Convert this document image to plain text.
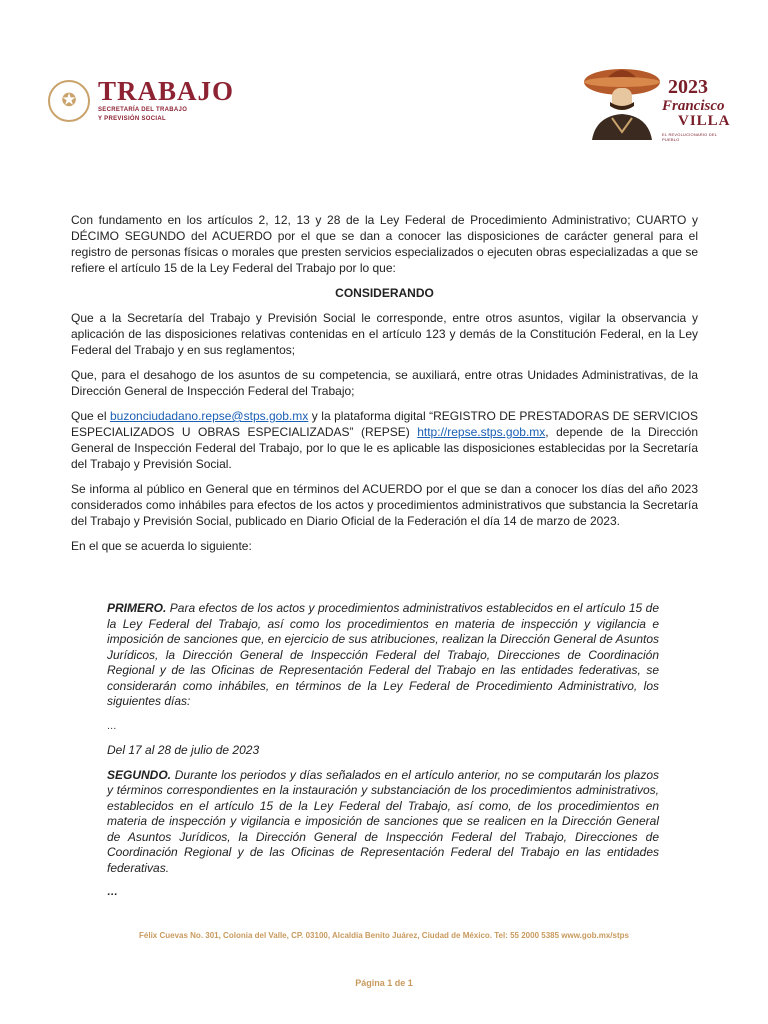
✪ TRABAJO
SECRETARÍA DEL TRABAJO
Y PREVISIÓN SOCIAL
2023
Francisco
VILLA
EL REVOLUCIONARIO DEL PUEBLO

Con fundamento en los artículos 2, 12, 13 y 28 de la Ley Federal de Procedimiento Administrativo; CUARTO y DÉCIMO SEGUNDO del ACUERDO por el que se dan a conocer las disposiciones de carácter general para el registro de personas físicas o morales que presten servicios especializados o ejecuten obras especializadas a que se refiere el artículo 15 de la Ley Federal del Trabajo por lo que:

CONSIDERANDO

Que a la Secretaría del Trabajo y Previsión Social le corresponde, entre otros asuntos, vigilar la observancia y aplicación de las disposiciones relativas contenidas en el artículo 123 y demás de la Constitución Federal, en la Ley Federal del Trabajo y en sus reglamentos;

Que, para el desahogo de los asuntos de su competencia, se auxiliará, entre otras Unidades Administrativas, de la Dirección General de Inspección Federal del Trabajo;

Que el buzonciudadano.repse@stps.gob.mx y la plataforma digital “REGISTRO DE PRESTADORAS DE SERVICIOS ESPECIALIZADOS U OBRAS ESPECIALIZADAS” (REPSE) http://repse.stps.gob.mx, depende de la Dirección General de Inspección Federal del Trabajo, por lo que le es aplicable las disposiciones establecidas por la Secretaría del Trabajo y Previsión Social.

Se informa al público en General que en términos del ACUERDO por el que se dan a conocer los días del año 2023 considerados como inhábiles para efectos de los actos y procedimientos administrativos que substancia la Secretaría del Trabajo y Previsión Social, publicado en Diario Oficial de la Federación el día 14 de marzo de 2023.

En el que se acuerda lo siguiente:

PRIMERO. Para efectos de los actos y procedimientos administrativos establecidos en el artículo 15 de la Ley Federal del Trabajo, así como los procedimientos en materia de inspección y vigilancia e imposición de sanciones que, en ejercicio de sus atribuciones, realizan la Dirección General de Asuntos Jurídicos, la Dirección General de Inspección Federal del Trabajo, Direcciones de Coordinación Regional y de las Oficinas de Representación Federal del Trabajo en las entidades federativas, se considerarán como inhábiles, en términos de la Ley Federal de Procedimiento Administrativo, los siguientes días:

…

Del 17 al 28 de julio de 2023

SEGUNDO. Durante los periodos y días señalados en el artículo anterior, no se computarán los plazos y términos correspondientes en la instauración y substanciación de los procedimientos administrativos, establecidos en el artículo 15 de la Ley Federal del Trabajo, así como, de los procedimientos en materia de inspección y vigilancia e imposición de sanciones que se realicen en la Dirección General de Asuntos Jurídicos, la Dirección General de Inspección Federal del Trabajo, Direcciones de Coordinación Regional y de las Oficinas de Representación Federal del Trabajo en las entidades federativas.

…

Félix Cuevas No. 301, Colonia del Valle, CP. 03100, Alcaldía Benito Juárez, Ciudad de México. Tel: 55 2000 5385 www.gob.mx/stps
Página 1 de 1
